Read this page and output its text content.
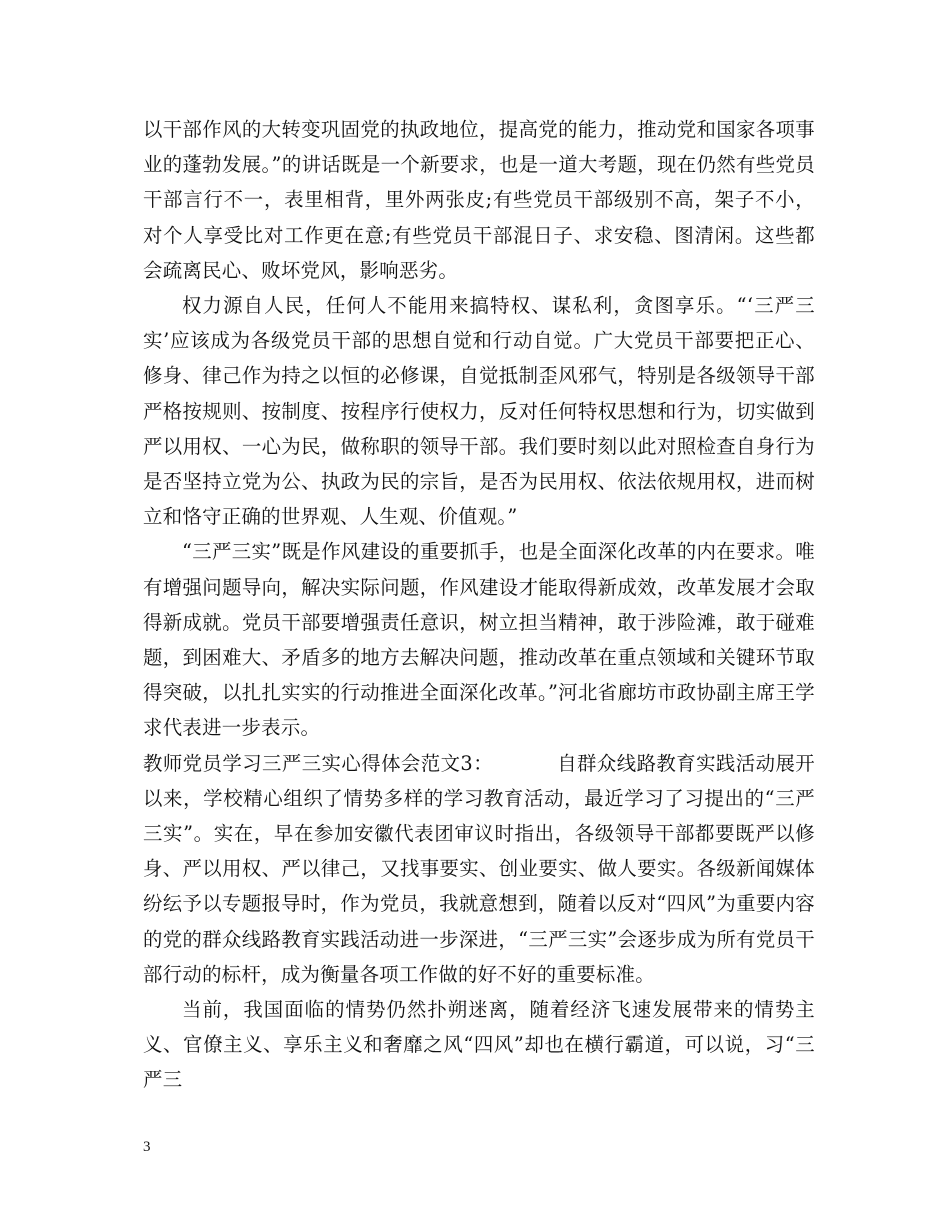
以干部作风的大转变巩固党的执政地位，提高党的能力，推动党和国家各项事业的蓬勃发展。”的讲话既是一个新要求，也是一道大考题，现在仍然有些党员干部言行不一，表里相背，里外两张皮;有些党员干部级别不高，架子不小，对个人享受比对工作更在意;有些党员干部混日子、求安稳、图清闲。这些都会疏离民心、败坏党风，影响恶劣。

权力源自人民，任何人不能用来搞特权、谋私利，贪图享乐。“‘三严三实’应该成为各级党员干部的思想自觉和行动自觉。广大党员干部要把正心、修身、律己作为持之以恒的必修课，自觉抵制歪风邪气，特别是各级领导干部严格按规则、按制度、按程序行使权力，反对任何特权思想和行为，切实做到严以用权、一心为民，做称职的领导干部。我们要时刻以此对照检查自身行为是否坚持立党为公、执政为民的宗旨，是否为民用权、依法依规用权，进而树立和恪守正确的世界观、人生观、价值观。”

“三严三实”既是作风建设的重要抓手，也是全面深化改革的内在要求。唯有增强问题导向，解决实际问题，作风建设才能取得新成效，改革发展才会取得新成就。党员干部要增强责任意识，树立担当精神，敢于涉险滩，敢于碰难题，到困难大、矛盾多的地方去解决问题，推动改革在重点领域和关键环节取得突破，以扎扎实实的行动推进全面深化改革。”河北省廊坊市政协副主席王学求代表进一步表示。

教师党员学习三严三实心得体会范文3：	自群众线路教育实践活动展开以来，学校精心组织了情势多样的学习教育活动，最近学习了习提出的“三严三实”。实在，早在参加安徽代表团审议时指出，各级领导干部都要既严以修身、严以用权、严以律己，又找事要实、创业要实、做人要实。各级新闻媒体纷纭予以专题报导时，作为党员，我就意想到，随着以反对“四风”为重要内容的党的群众线路教育实践活动进一步深进，“三严三实”会逐步成为所有党员干部行动的标杆，成为衡量各项工作做的好不好的重要标准。

当前，我国面临的情势仍然扑朔迷离，随着经济飞速发展带来的情势主义、官僚主义、享乐主义和奢靡之风“四风”却也在横行霸道，可以说，习“三严三

3
